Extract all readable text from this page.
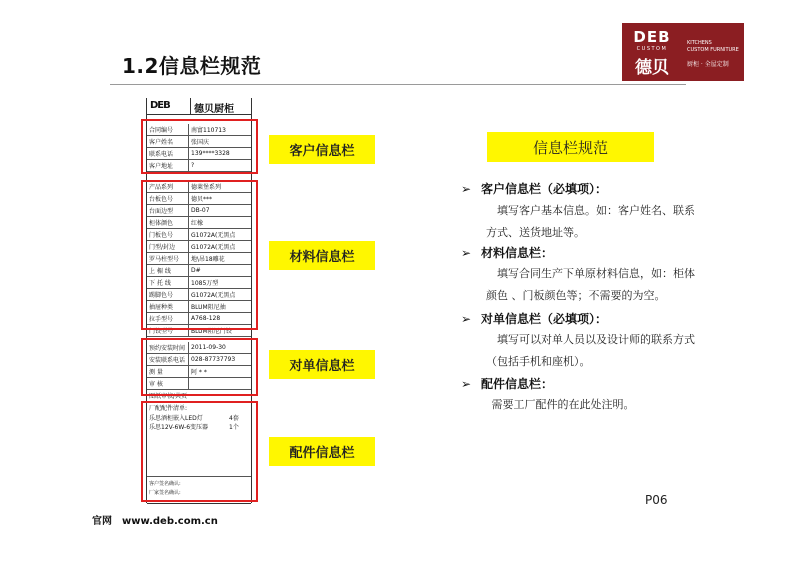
1.2信息栏规范
DEB
CUSTOM
德贝
KITCHENS
CUSTOM FURNITURE
厨柜 · 全屋定制
DEB 德贝厨柜
合同编号	南富110713
客户姓名	张国庆
联系电话	139****3328
客户地址	?
产品系列	德莱堡系列
台板色号	德贝***
台面边型	DB-07
柜体颜色	红橡
门板色号	G1072A(无黑点
门型/封边	G1072A(无黑点
罗马柱型号	地\吊18雕花
上 楣 线	D#
下 托 线	1085万型
踢脚色号	G1072A(无黑点
抽屉种类	BLUM阻尼抽
拉手型号	A768-128
门铰型号	BLUM阻尼门铰
预约安装时间 2011-09-30
安装联系电话 028-87737793
测 量	阿 * *
审 核
图纸审核/共页
厂配配件清单:
乐思酒柜嵌入LED灯	4套
乐思12V-6W-6变压器	1个
客户签名确认:
厂家签名确认:
客户信息栏
材料信息栏
对单信息栏
配件信息栏
信息栏规范
➢ 客户信息栏（必填项）：
填写客户基本信息。如：客户姓名、联系
方式、送货地址等。
➢ 材料信息栏：
填写合同生产下单原材料信息，如：柜体
颜色 、门板颜色等；不需要的为空。
➢ 对单信息栏（必填项）：
填写可以对单人员以及设计师的联系方式
（包括手机和座机）。
➢ 配件信息栏：
需要工厂配件的在此处注明。
P06
官网 www.deb.com.cn
